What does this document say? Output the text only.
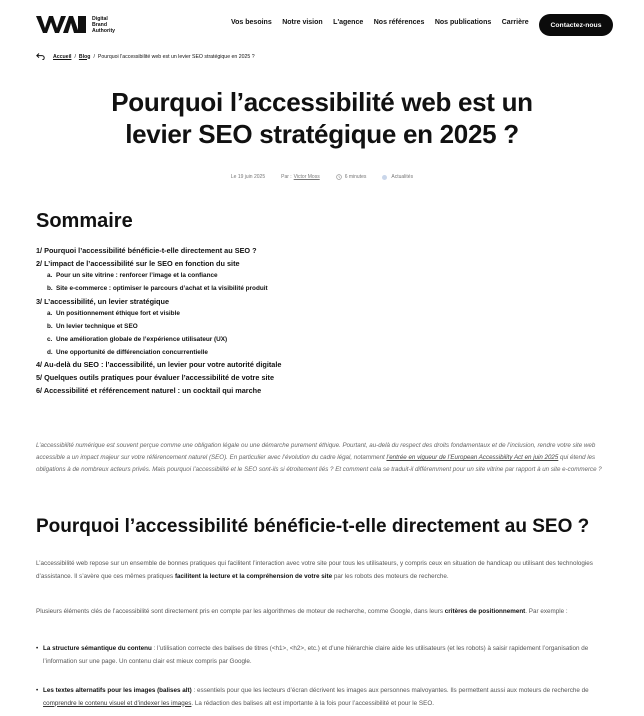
Digital
Brand
Authority
Vos besoins Notre vision L'agence Nos références Nos publications Carrière	Contactez-nous
Accueil / Blog / Pourquoi l'accessibilité web est un levier SEO stratégique en 2025 ?
Pourquoi l’accessibilité web est un
levier SEO stratégique en 2025 ?
Le 19 juin 2025	Par : Victor Moss	6 minutes	Actualités
Sommaire
1/ Pourquoi l’accessibilité bénéficie-t-elle directement au SEO ?
2/ L’impact de l’accessibilité sur le SEO en fonction du site
a. Pour un site vitrine : renforcer l’image et la confiance
b. Site e-commerce : optimiser le parcours d’achat et la visibilité produit
3/ L’accessibilité, un levier stratégique
a. Un positionnement éthique fort et visible
b. Un levier technique et SEO
c. Une amélioration globale de l’expérience utilisateur (UX)
d. Une opportunité de différenciation concurrentielle
4/ Au-delà du SEO : l’accessibilité, un levier pour votre autorité digitale
5/ Quelques outils pratiques pour évaluer l’accessibilité de votre site
6/ Accessibilité et référencement naturel : un cocktail qui marche

L’accessibilité numérique est souvent perçue comme une obligation légale ou une démarche purement éthique. Pourtant, au-delà du respect des droits fondamentaux et de l’inclusion, rendre votre site web accessible a un impact majeur sur votre référencement naturel (SEO). En particulier avec l’évolution du cadre légal, notamment l’entrée en vigueur de l’European Accessibility Act en juin 2025 qui étend les obligations à de nombreux acteurs privés. Mais pourquoi l’accessibilité et le SEO sont-ils si étroitement liés ? Et comment cela se traduit-il différemment pour un site vitrine par rapport à un site e-commerce ?

Pourquoi l’accessibilité bénéficie-t-elle directement au SEO ?

L’accessibilité web repose sur un ensemble de bonnes pratiques qui facilitent l’interaction avec votre site pour tous les utilisateurs, y compris ceux en situation de handicap ou utilisant des technologies d’assistance. Il s’avère que ces mêmes pratiques facilitent la lecture et la compréhension de votre site par les robots des moteurs de recherche.

Plusieurs éléments clés de l’accessibilité sont directement pris en compte par les algorithmes de moteur de recherche, comme Google, dans leurs critères de positionnement. Par exemple :

• La structure sémantique du contenu : l’utilisation correcte des balises de titres (<h1>, <h2>, etc.) et d’une hiérarchie claire aide les utilisateurs (et les robots) à saisir rapidement l’organisation de l’information sur une page. Un contenu clair est mieux compris par Google.

• Les textes alternatifs pour les images (balises alt) : essentiels pour que les lecteurs d’écran décrivent les images aux personnes malvoyantes. Ils permettent aussi aux moteurs de recherche de comprendre le contenu visuel et d’indexer les images. La rédaction des balises alt est importante à la fois pour l’accessibilité et pour le SEO.
